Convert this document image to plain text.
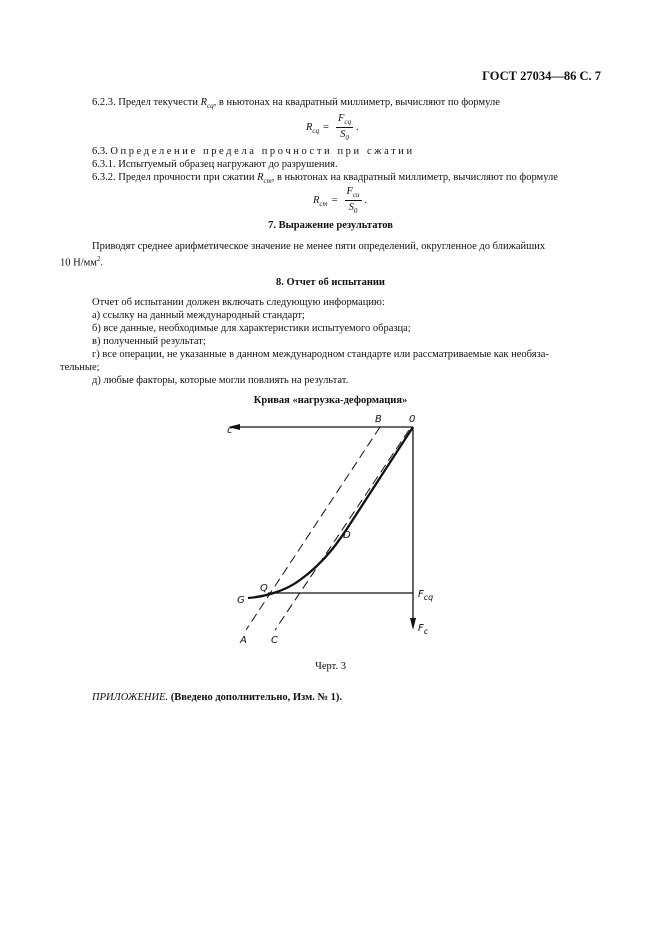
ГОСТ 27034—86 С. 7
6.2.3. Предел текучести $R_{cq}$, в ньютонах на квадратный миллиметр, вычисляют по формуле
$R_{cq} = \frac{F_{cq}}{S_0}$ .
6.3. Определение предела прочности при сжатии
6.3.1. Испытуемый образец нагружают до разрушения.
6.3.2. Предел прочности при сжатии $R_{cm}$, в ньютонах на квадратный миллиметр, вычисляют по формуле
$R_{cm} = \frac{F_{cu}}{S_0}$ .
7. Выражение результатов
Приводят среднее арифметическое значение не менее пяти определений, округленное до ближайших
10 $Н/мм^2$.
8. Отчет об испытании
Отчет об испытании должен включать следующую информацию:
а) ссылку на данный международный стандарт;
б) все данные, необходимые для характеристики испытуемого образца;
в) полученный результат;
г) все операции, не указанные в данном международном стандарте или рассматриваемые как необяза-
тельные;
д) любые факторы, которые могли повлиять на результат.
Кривая «нагрузка-деформация»
c
B	0
D
Q
G
A C
$F_{cq}$
$F_c$
Черт. 3
ПРИЛОЖЕНИЕ. (Введено дополнительно, Изм. № 1).
